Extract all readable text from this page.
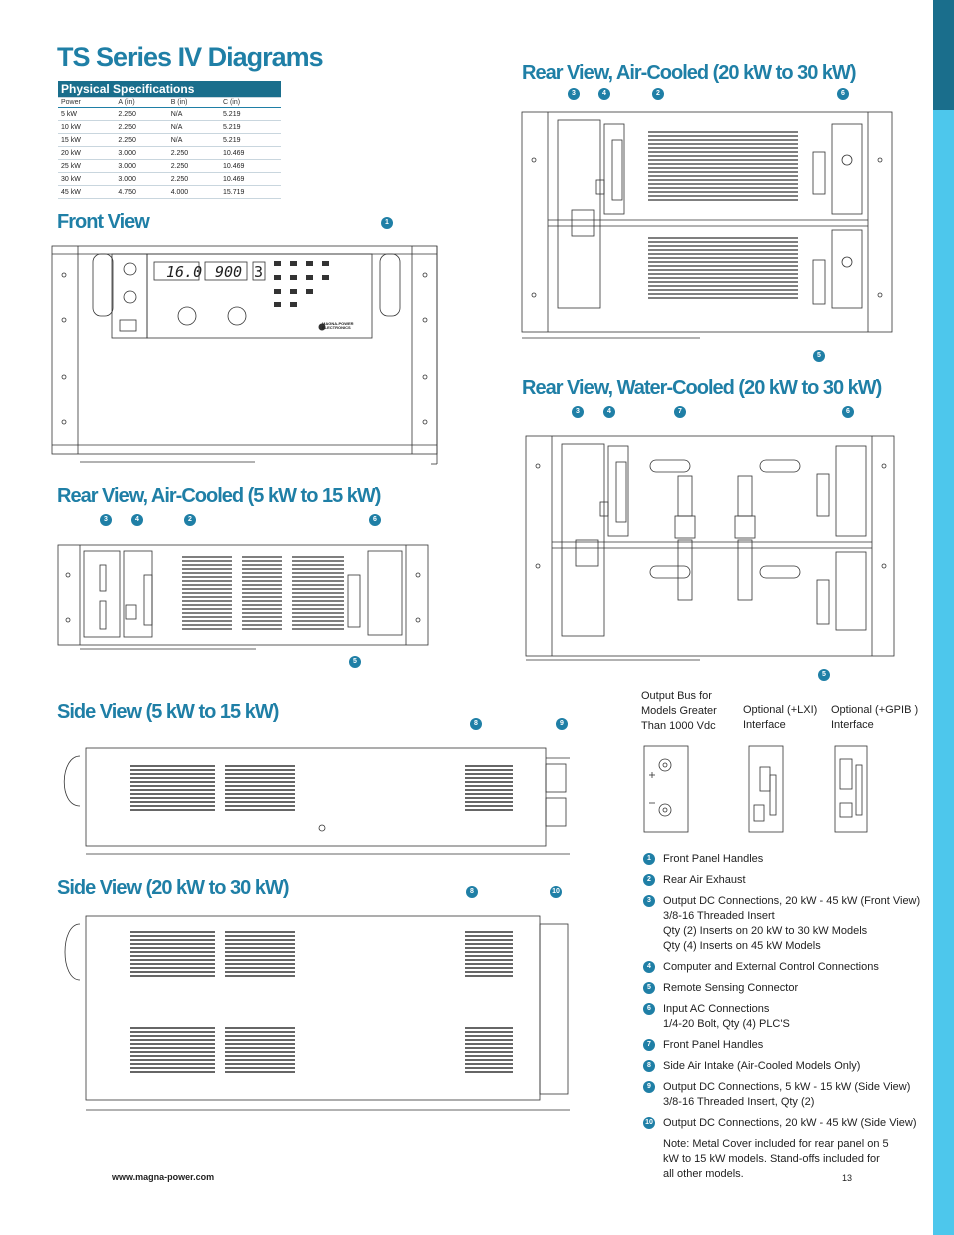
TS Series IV Diagrams
Physical Specifications			
Power	A (in)	B (in)	C (in)
5 kW	2.250	N/A	5.219
10 kW	2.250	N/A	5.219
15 kW	2.250	N/A	5.219
20 kW	3.000	2.250	10.469
25 kW	3.000	2.250	10.469
30 kW	3.000	2.250	10.469
45 kW	4.750	4.000	15.719
Front View
Rear View, Air-Cooled (20 kW to 30 kW)
Rear View, Water-Cooled (20 kW to 30 kW)
Rear View, Air-Cooled (5 kW to 15 kW)
Side View (5 kW to 15 kW)
Side View (20 kW to 30 kW)
16.0 900 3
MAGNA-POWER
ELECTRONICS
1
3	4	2	6
5
3	4	7	6
5
3	4	2	6
5
8	9
8	10
Output Bus for Models Greater Than 1000 Vdc
Optional (+LXI) Interface
Optional (+GPIB ) Interface
1	Front Panel Handles
2	Rear Air Exhaust
3	Output DC Connections, 20 kW - 45 kW (Front View)
3/8-16 Threaded Insert
Qty (2) Inserts on 20 kW to 30 kW Models
Qty (4) Inserts on 45 kW Models
4	Computer and External Control Connections
5	Remote Sensing Connector
6	Input AC Connections
1/4-20 Bolt, Qty (4) PLC'S
7	Front Panel Handles
8	Side Air Intake (Air-Cooled Models Only)
9	Output DC Connections, 5 kW - 15 kW (Side View)
3/8-16 Threaded Insert, Qty (2)
10 Output DC Connections, 20 kW - 45 kW (Side View)
Note: Metal Cover included for rear panel on 5 kW to 15 kW models. Stand-offs included for all other models.
www.magna-power.com	13
